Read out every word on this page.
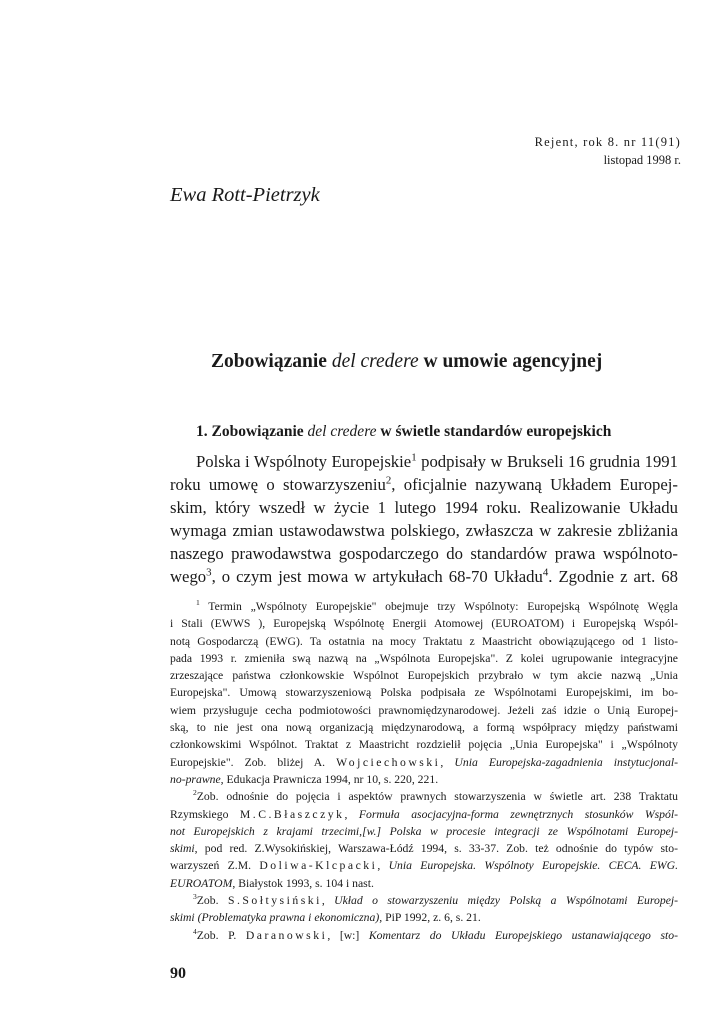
Rejent, rok 8. nr 11(91)
listopad 1998 r.
Ewa Rott-Pietrzyk
Zobowiązanie del credere w umowie agencyjnej
1. Zobowiązanie del credere w świetle standardów europejskich
Polska i Wspólnoty Europejskie$^1$ podpisały w Brukseli 16 grudnia 1991
roku umowę o stowarzyszeniu$^2$, oficjalnie nazywaną Układem Europej-
skim, który wszedł w życie 1 lutego 1994 roku. Realizowanie Układu
wymaga zmian ustawodawstwa polskiego, zwłaszcza w zakresie zbliżania
naszego prawodawstwa gospodarczego do standardów prawa wspólnoto-
wego$^3$, o czym jest mowa w artykułach 68-70 Układu$^4$. Zgodnie z art. 68
$^1$ Termin „Wspólnoty Europejskie" obejmuje trzy Wspólnoty: Europejską Wspólnotę Węgla
i Stali (EWWS ), Europejską Wspólnotę Energii Atomowej (EUROATOM) i Europejską Wspól-
notą Gospodarczą (EWG). Ta ostatnia na mocy Traktatu z Maastricht obowiązującego od 1 listo-
pada 1993 r. zmieniła swą nazwą na „Wspólnota Europejska". Z kolei ugrupowanie integracyjne
zrzeszające państwa członkowskie Wspólnot Europejskich przybrało w tym akcie nazwą „Unia
Europejska". Umową stowarzyszeniową Polska podpisała ze Wspólnotami Europejskimi, im bo-
wiem przysługuje cecha podmiotowości prawnomiędzynarodowej. Jeżeli zaś idzie o Unią Europej-
ską, to nie jest ona nową organizacją międzynarodową, a formą współpracy między państwami
członkowskimi Wspólnot. Traktat z Maastricht rozdzielił pojęcia „Unia Europejska" i „Wspólnoty
Europejskie". Zob. bliżej A. Wojciechowski, Unia Europejska-zagadnienia instytucjonal-
no-prawne, Edukacja Prawnicza 1994, nr 10, s. 220, 221.
$^2$Zob. odnośnie do pojęcia i aspektów prawnych stowarzyszenia w świetle art. 238 Traktatu
Rzymskiego M.C.Błaszczyk, Formuła asocjacyjna-forma zewnętrznych stosunków Wspól-
not Europejskich z krajami trzecimi,[w.] Polska w procesie integracji ze Wspólnotami Europej-
skimi, pod red. Z.Wysokińskiej, Warszawa-Łódź 1994, s. 33-37. Zob. też odnośnie do typów sto-
warzyszeń Z.M. Doliwa-Klcpacki, Unia Europejska. Wspólnoty Europejskie. CECA. EWG.
EUROATOM, Białystok 1993, s. 104 i nast.
$^3$Zob. S.Sołtysiński, Układ o stowarzyszeniu między Polską a Wspólnotami Europej-
skimi (Problematyka prawna i ekonomiczna), PiP 1992, z. 6, s. 21.
$^4$Zob. P. Daranowski, [w:] Komentarz do Układu Europejskiego ustanawiającego sto-
90
